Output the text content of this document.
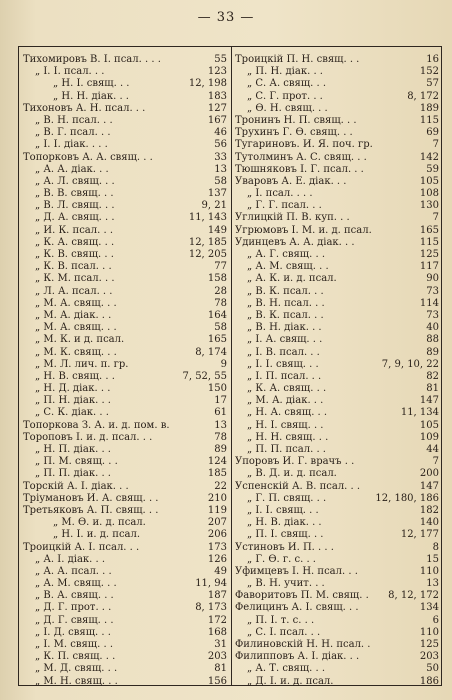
— 33 —
Тихомировъ В. І. псал. . . .	55
„ І. І. псал. . .	123
„ Н. І. свящ. . .	12, 198
„ Н. Н. діак. . .	183
Тихоновъ А. Н. псал. . .	127
„ В. Н. псал. . .	167
„ В. Г. псал. . .	46
„ І. І. діак. . . .	56
Топорковъ А. А. свящ. . .	33
„ А. А. діак. . .	13
„ А. Л. свящ. . .	58
„ В. В. свящ. . .	137
„ В. Л. свящ. . .	9, 21
„ Д. А. свящ. . .	11, 143
„ И. К. псал. . .	149
„ К. А. свящ. . .	12, 185
„ К. В. свящ. . .	12, 205
„ К. В. псал. . .	77
„ К. М. псал. . .	158
„ Л. А. псал. . .	28
„ М. А. свящ. . .	78
„ М. А. діак. . .	164
„ М. А. свящ. . .	58
„ М. К. и д. псал.	165
„ М. К. свящ. . .	8, 174
„ М. Л. лич. п. гр.	9
„ Н. В. свящ. . .	7, 52, 55
„ Н. Д. діак. . .	150
„ П. Н. діак. . .	17
„ С. К. діак. . .	61
Топоркова З. А. и. д. пом. в.	13
Тороповъ І. и. д. псал. . .	78
„ Н. П. діак. . .	89
„ П. М. свящ. . .	124
„ П. П. діак. . .	185
Торскій А. І. діак. . .	22
Тріумановъ И. А. свящ. . .	210
Третьяковъ А. П. свящ. . .	119
„ М. Ѳ. и. д. псал.	207
„ Н. І. и. д. псал.	206
Троицкій А. І. псал. . .	173
„ А. І. діак. . .	126
„ А. А. псал. . .	49
„ А. М. свящ. . .	11, 94
„ В. А. свящ. . .	187
„ Д. Г. прот. . .	8, 173
„ Д. Г. свящ. . .	172
„ І. Д. свящ. . .	168
„ І. М. свящ. . .	31
„ К. П. свящ. . .	203
„ М. Д. свящ. . .	81
„ М. Н. свящ. . .	156
Троицкій П. Н. свящ. . .	16
„ П. Н. діак. . .	152
„ С. А. свящ. . .	57
„ С. Г. прот. . .	8, 172
„ Ѳ. Н. свящ. . .	189
Тронинъ Н. П. свящ. . .	115
Трухинъ Г. Ѳ. свящ. . .	69
Тугариновъ. И. Я. поч. гр.	7
Тутолминъ А. С. свящ. . .	142
Тюшняковъ І. Г. псал. . .	59
Уваровъ А. Е. діак. . .	105
„ І. псал. . . .	108
„ Г. Г. псал. . .	130
Углицкій П. В. куп. . .	7
Угрюмовъ І. М. и. д. псал.	165
Удинцевъ А. А. діак. . .	115
„ А. Г. свящ. . .	125
„ А. М. свящ. . .	117
„ А. К. и. д. псал.	90
„ В. К. псал. . .	73
„ В. Н. псал. . .	114
„ В. К. псал. . .	73
„ В. Н. діак. . .	40
„ І. А. свящ. . .	88
„ І. В. псал. . .	89
„ І. І. свящ. . .	7, 9, 10, 22
„ І. П. псал. . .	82
„ К. А. свящ. . .	81
„ М. А. діак. . .	147
„ Н. А. свящ. . .	11, 134
„ Н. І. свящ. . .	105
„ Н. Н. свящ. . .	109
„ П. П. псал. . .	44
Упоровъ И. Г. врачъ . .	7
„ В. Д. и. д. псал.	200
Успенскій А. В. псал. . .	147
„ Г. П. свящ. . .	12, 180, 186
„ І. І. свящ. . .	182
„ Н. В. діак. . .	140
„ П. І. свящ. . .	12, 177
Устиновъ И. П. . . .	8
„ Г. Ѳ. г. с. . .	15
Уфимцевъ І. Н. псал. . .	110
„ В. Н. учит. . .	13
Фаворитовъ П. М. свящ. . 8, 12, 172
Фелицинъ А. І. свящ. . .	134
„ П. І. т. с. . .	6
„ С. І. псал. . .	110
Филиновскій Н. Н. псал. .	125
Филипповъ А. І. діак. . .	203
„ А. Т. свящ. . .	50
„ Д. І. и. д. псал.	186
